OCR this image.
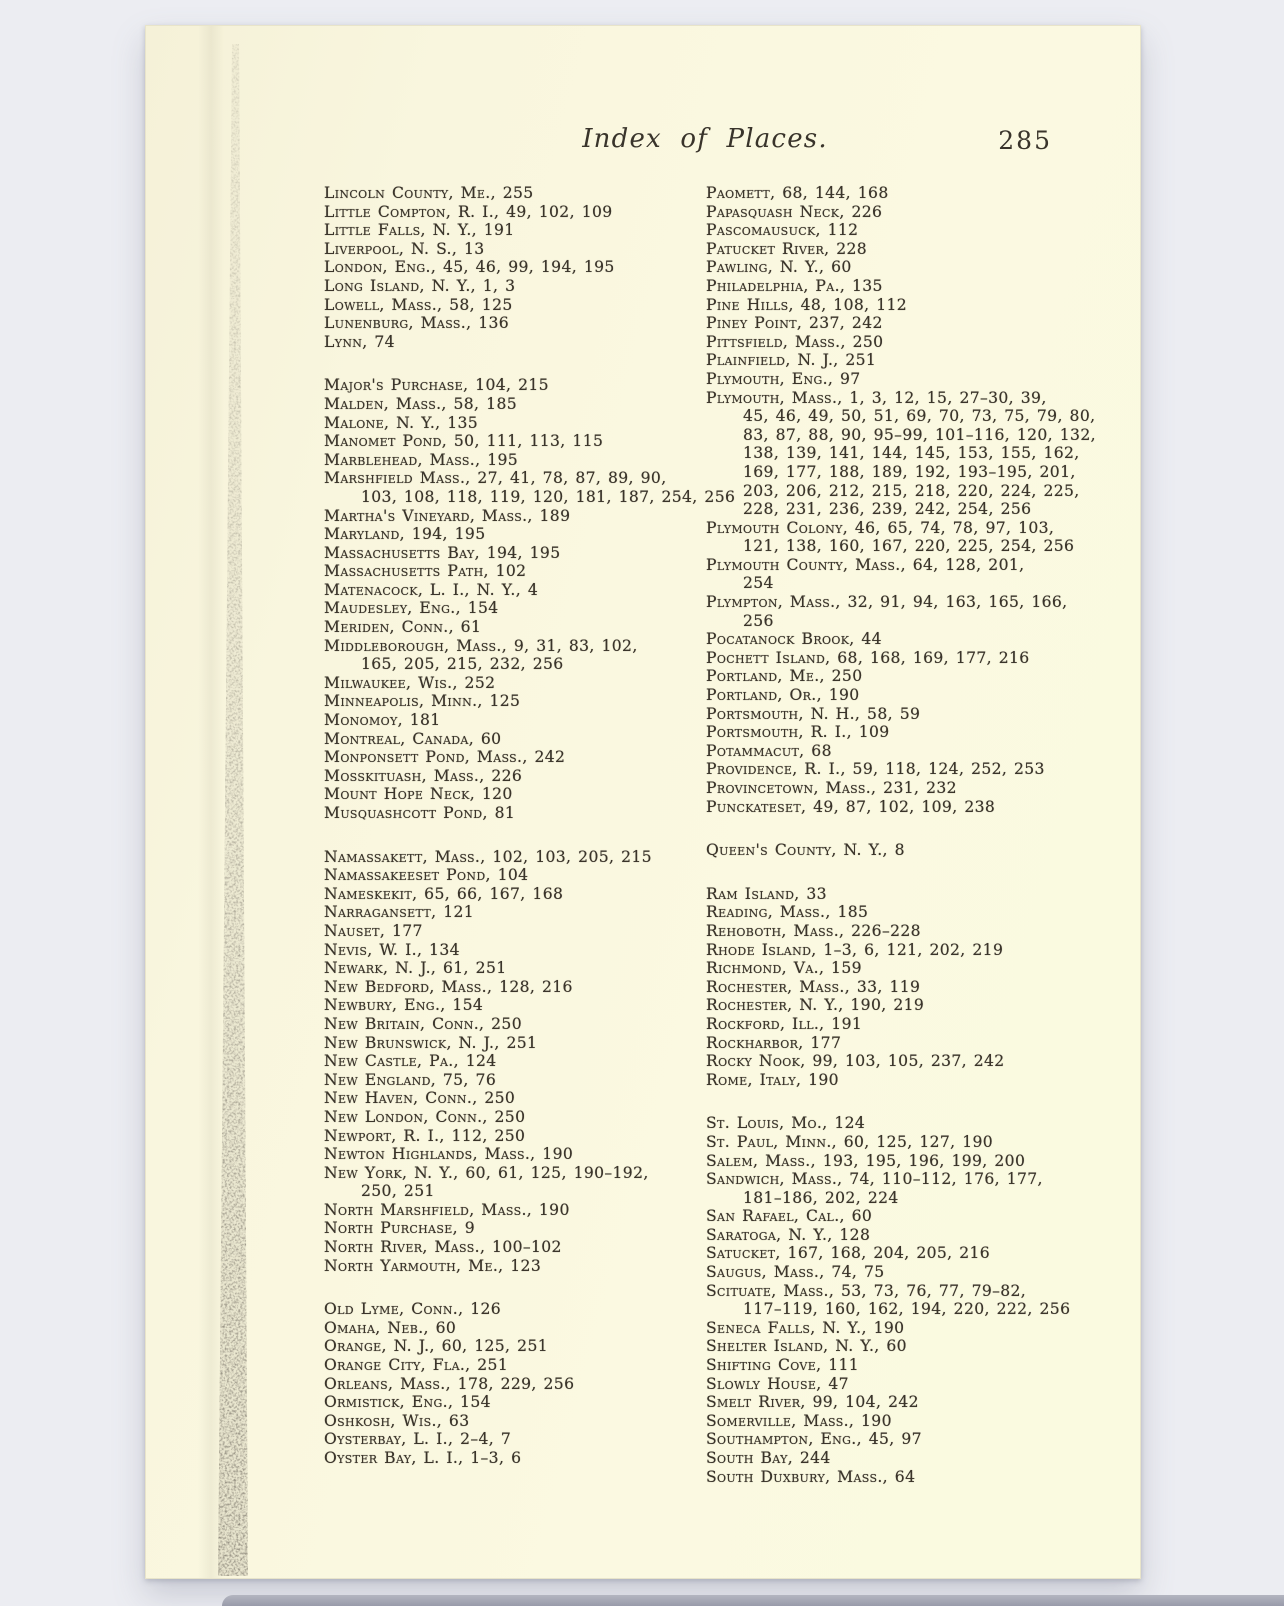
Index of Places.	285
Lincoln County, Me., 255
Little Compton, R. I., 49, 102, 109
Little Falls, N. Y., 191
Liverpool, N. S., 13
London, Eng., 45, 46, 99, 194, 195
Long Island, N. Y., 1, 3
Lowell, Mass., 58, 125
Lunenburg, Mass., 136
Lynn, 74
Major's Purchase, 104, 215
Malden, Mass., 58, 185
Malone, N. Y., 135
Manomet Pond, 50, 111, 113, 115
Marblehead, Mass., 195
Marshfield Mass., 27, 41, 78, 87, 89, 90,
103, 108, 118, 119, 120, 181, 187, 254, 256
Martha's Vineyard, Mass., 189
Maryland, 194, 195
Massachusetts Bay, 194, 195
Massachusetts Path, 102
Matenacock, L. I., N. Y., 4
Maudesley, Eng., 154
Meriden, Conn., 61
Middleborough, Mass., 9, 31, 83, 102,
165, 205, 215, 232, 256
Milwaukee, Wis., 252
Minneapolis, Minn., 125
Monomoy, 181
Montreal, Canada, 60
Monponsett Pond, Mass., 242
Mosskituash, Mass., 226
Mount Hope Neck, 120
Musquashcott Pond, 81
Namassakett, Mass., 102, 103, 205, 215
Namassakeeset Pond, 104
Nameskekit, 65, 66, 167, 168
Narragansett, 121
Nauset, 177
Nevis, W. I., 134
Newark, N. J., 61, 251
New Bedford, Mass., 128, 216
Newbury, Eng., 154
New Britain, Conn., 250
New Brunswick, N. J., 251
New Castle, Pa., 124
New England, 75, 76
New Haven, Conn., 250
New London, Conn., 250
Newport, R. I., 112, 250
Newton Highlands, Mass., 190
New York, N. Y., 60, 61, 125, 190–192,
250, 251
North Marshfield, Mass., 190
North Purchase, 9
North River, Mass., 100–102
North Yarmouth, Me., 123
Old Lyme, Conn., 126
Omaha, Neb., 60
Orange, N. J., 60, 125, 251
Orange City, Fla., 251
Orleans, Mass., 178, 229, 256
Ormistick, Eng., 154
Oshkosh, Wis., 63
Oysterbay, L. I., 2–4, 7
Oyster Bay, L. I., 1–3, 6
Paomett, 68, 144, 168
Papasquash Neck, 226
Pascomausuck, 112
Patucket River, 228
Pawling, N. Y., 60
Philadelphia, Pa., 135
Pine Hills, 48, 108, 112
Piney Point, 237, 242
Pittsfield, Mass., 250
Plainfield, N. J., 251
Plymouth, Eng., 97
Plymouth, Mass., 1, 3, 12, 15, 27–30, 39,
45, 46, 49, 50, 51, 69, 70, 73, 75, 79, 80,
83, 87, 88, 90, 95–99, 101–116, 120, 132,
138, 139, 141, 144, 145, 153, 155, 162,
169, 177, 188, 189, 192, 193–195, 201,
203, 206, 212, 215, 218, 220, 224, 225,
228, 231, 236, 239, 242, 254, 256
Plymouth Colony, 46, 65, 74, 78, 97, 103,
121, 138, 160, 167, 220, 225, 254, 256
Plymouth County, Mass., 64, 128, 201,
254
Plympton, Mass., 32, 91, 94, 163, 165, 166,
256
Pocatanock Brook, 44
Pochett Island, 68, 168, 169, 177, 216
Portland, Me., 250
Portland, Or., 190
Portsmouth, N. H., 58, 59
Portsmouth, R. I., 109
Potammacut, 68
Providence, R. I., 59, 118, 124, 252, 253
Provincetown, Mass., 231, 232
Punckateset, 49, 87, 102, 109, 238
Queen's County, N. Y., 8
Ram Island, 33
Reading, Mass., 185
Rehoboth, Mass., 226–228
Rhode Island, 1–3, 6, 121, 202, 219
Richmond, Va., 159
Rochester, Mass., 33, 119
Rochester, N. Y., 190, 219
Rockford, Ill., 191
Rockharbor, 177
Rocky Nook, 99, 103, 105, 237, 242
Rome, Italy, 190
St. Louis, Mo., 124
St. Paul, Minn., 60, 125, 127, 190
Salem, Mass., 193, 195, 196, 199, 200
Sandwich, Mass., 74, 110–112, 176, 177,
181–186, 202, 224
San Rafael, Cal., 60
Saratoga, N. Y., 128
Satucket, 167, 168, 204, 205, 216
Saugus, Mass., 74, 75
Scituate, Mass., 53, 73, 76, 77, 79–82,
117–119, 160, 162, 194, 220, 222, 256
Seneca Falls, N. Y., 190
Shelter Island, N. Y., 60
Shifting Cove, 111
Slowly House, 47
Smelt River, 99, 104, 242
Somerville, Mass., 190
Southampton, Eng., 45, 97
South Bay, 244
South Duxbury, Mass., 64
